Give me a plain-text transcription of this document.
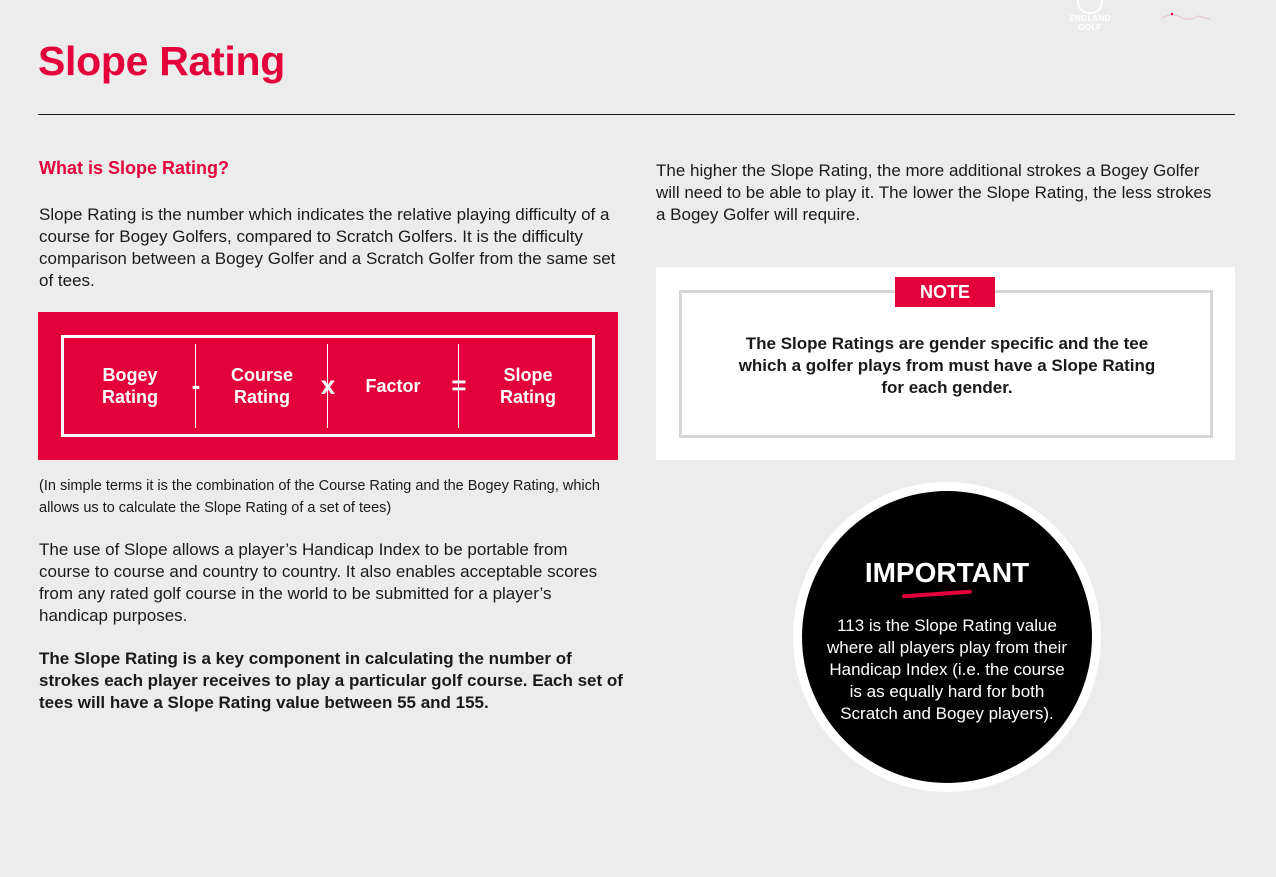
ENGLAND GOLF
Slope Rating
What is Slope Rating?

Slope Rating is the number which indicates the relative playing difficulty of a course for Bogey Golfers, compared to Scratch Golfers. It is the difficulty comparison between a Bogey Golfer and a Scratch Golfer from the same set of tees.

Bogey Rating	-	Course Rating	x	Factor	=	Slope Rating

(In simple terms it is the combination of the Course Rating and the Bogey Rating, which allows us to calculate the Slope Rating of a set of tees)

The use of Slope allows a player’s Handicap Index to be portable from course to course and country to country. It also enables acceptable scores from any rated golf course in the world to be submitted for a player’s handicap purposes.

The Slope Rating is a key component in calculating the number of strokes each player receives to play a particular golf course. Each set of tees will have a Slope Rating value between 55 and 155.

The higher the Slope Rating, the more additional strokes a Bogey Golfer will need to be able to play it. The lower the Slope Rating, the less strokes a Bogey Golfer will require.

NOTE

The Slope Ratings are gender specific and the tee which a golfer plays from must have a Slope Rating for each gender.

IMPORTANT

113 is the Slope Rating value where all players play from their Handicap Index (i.e. the course is as equally hard for both Scratch and Bogey players).
